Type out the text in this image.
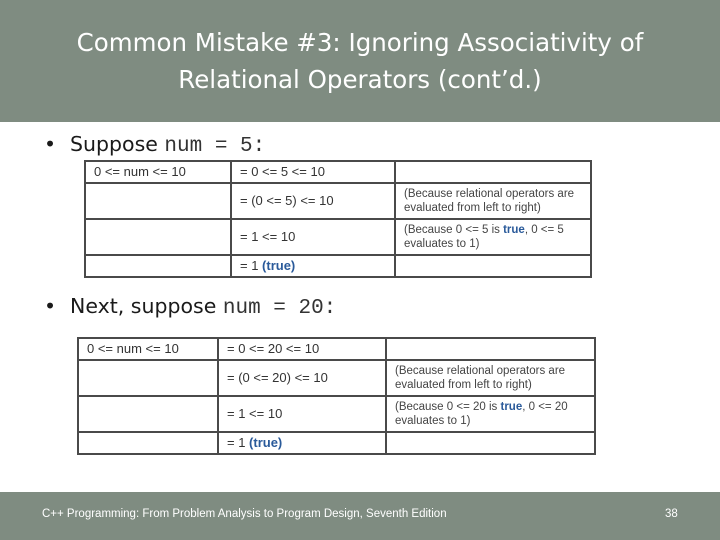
Common Mistake #3: Ignoring Associativity of Relational Operators (cont’d.)
• Suppose num = 5:
0 <= num <= 10	= 0 <= 5 <= 10	
	= (0 <= 5) <= 10	(Because relational operators are evaluated from left to right)
	= 1 <= 10	(Because 0 <= 5 is true, 0 <= 5 evaluates to 1)
	= 1 (true)	
• Next, suppose num = 20:
0 <= num <= 10	= 0 <= 20 <= 10	
	= (0 <= 20) <= 10	(Because relational operators are evaluated from left to right)
	= 1 <= 10	(Because 0 <= 20 is true, 0 <= 20 evaluates to 1)
	= 1 (true)	
C++ Programming: From Problem Analysis to Program Design, Seventh Edition	38
